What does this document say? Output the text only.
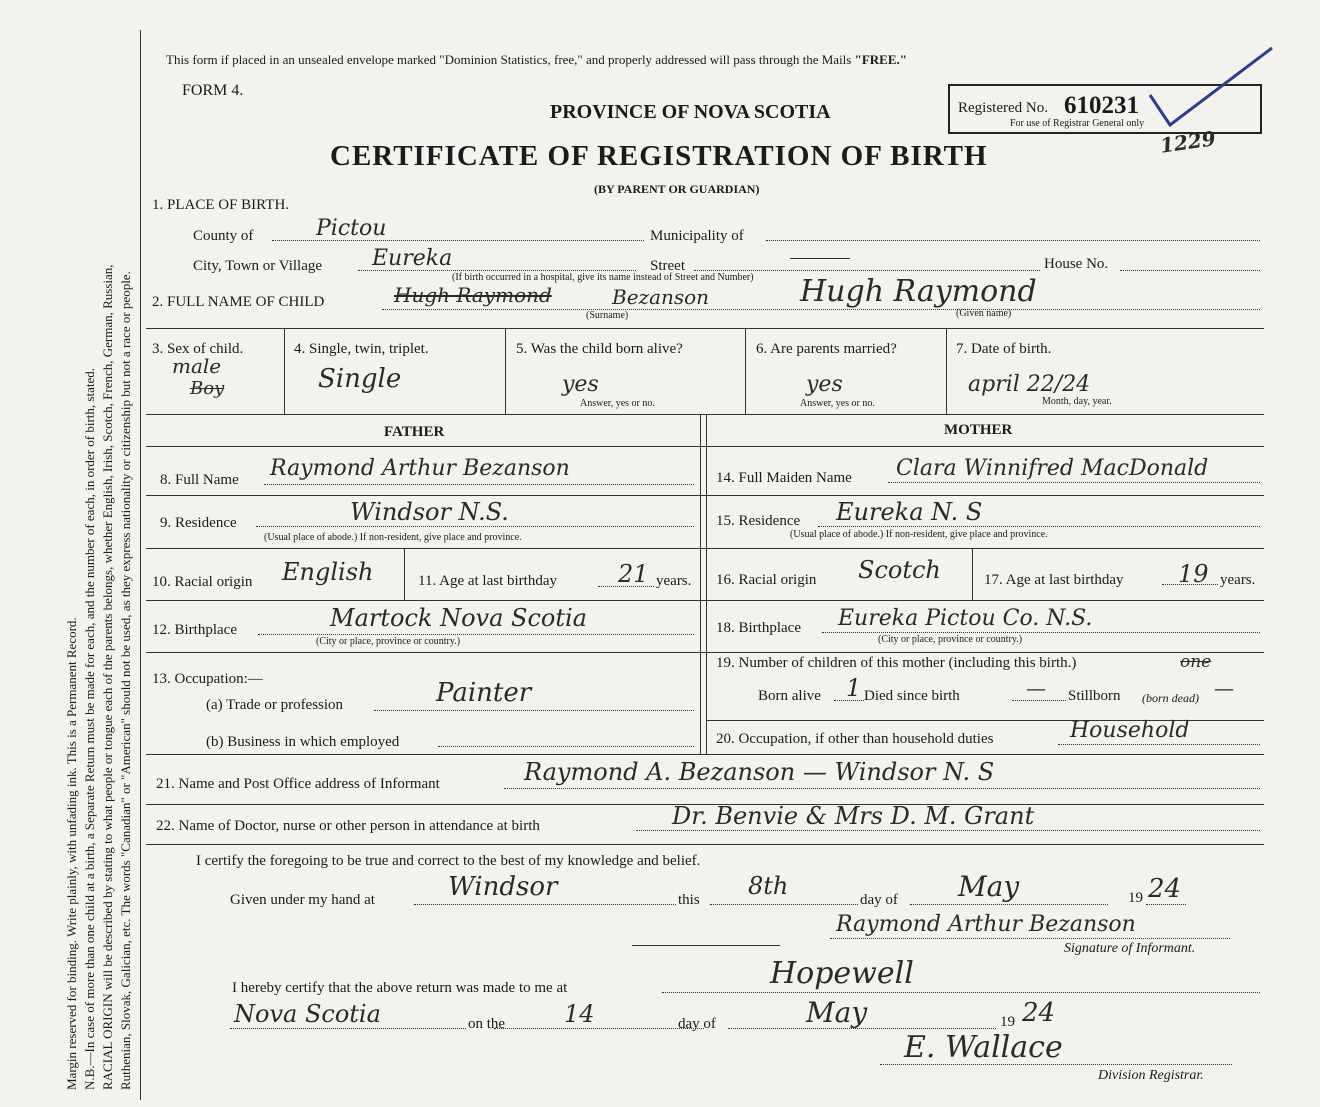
Margin reserved for binding. Write plainly, with unfading ink. This is a Permanent Record. N.B.—In case of more than one child at a birth, a Separate Return must be made for each, and the number of each, in order of birth, stated. RACIAL ORIGIN will be described by stating to what people or tongue each of the parents belongs, whether English, Irish, Scotch, French, German, Russian, Ruthenian, Slovak, Galician, etc. The words "Canadian" or "American" should not be used, as they express nationality or citizenship but not a race or people.
This form if placed in an unsealed envelope marked "Dominion Statistics, free," and properly addressed will pass through the Mails "FREE."
FORM 4.
PROVINCE OF NOVA SCOTIA
CERTIFICATE OF REGISTRATION OF BIRTH
(BY PARENT OR GUARDIAN)
Registered No. 610231
For use of Registrar General only
1229
1. PLACE OF BIRTH.
County of	Pictou	Municipality of
City, Town or Village Eureka	Street	House No.
(If birth occurred in a hospital, give its name instead of Street and Number)
2. FULL NAME OF CHILD	Hugh Raymond	Bezanson	Hugh Raymond
(Surname)	(Given name)
3. Sex of child.
male
Boy
4. Single, twin, triplet.
Single
5. Was the child born alive?
yes
Answer, yes or no.
6. Are parents married?
yes
Answer, yes or no.
7. Date of birth.
april 22/24
Month, day, year.
FATHER	MOTHER
8. Full Name Raymond Arthur Bezanson
9. Residence	Windsor N.S.
(Usual place of abode.) If non-resident, give place and province.
10. Racial origin English	11. Age at last birthday	21 years.
12. Birthplace	Martock Nova Scotia
(City or place, province or country.)
13. Occupation:—
(a) Trade or profession	Painter
(b) Business in which employed
14. Full Maiden Name Clara Winnifred MacDonald
15. Residence Eureka N. S
(Usual place of abode.) If non-resident, give place and province.
16. Racial origin Scotch	17. Age at last birthday 19 years.
18. Birthplace Eureka Pictou Co. N.S.
(City or place, province or country.)
19. Number of children of this mother (including this birth.)	one
Born alive 1 Died since birth	— Stillborn (born dead) —
20. Occupation, if other than household duties	Household
21. Name and Post Office address of Informant	Raymond A. Bezanson — Windsor N. S
22. Name of Doctor, nurse or other person in attendance at birth	Dr. Benvie & Mrs D. M. Grant
I certify the foregoing to be true and correct to the best of my knowledge and belief.
Given under my hand at	Windsor	this 8th	day of May	19 24
Raymond Arthur Bezanson
Signature of Informant.
I hereby certify that the above return was made to me at	Hopewell
Nova Scotia	on the 14	day of	May	19 24
E. Wallace
Division Registrar.
